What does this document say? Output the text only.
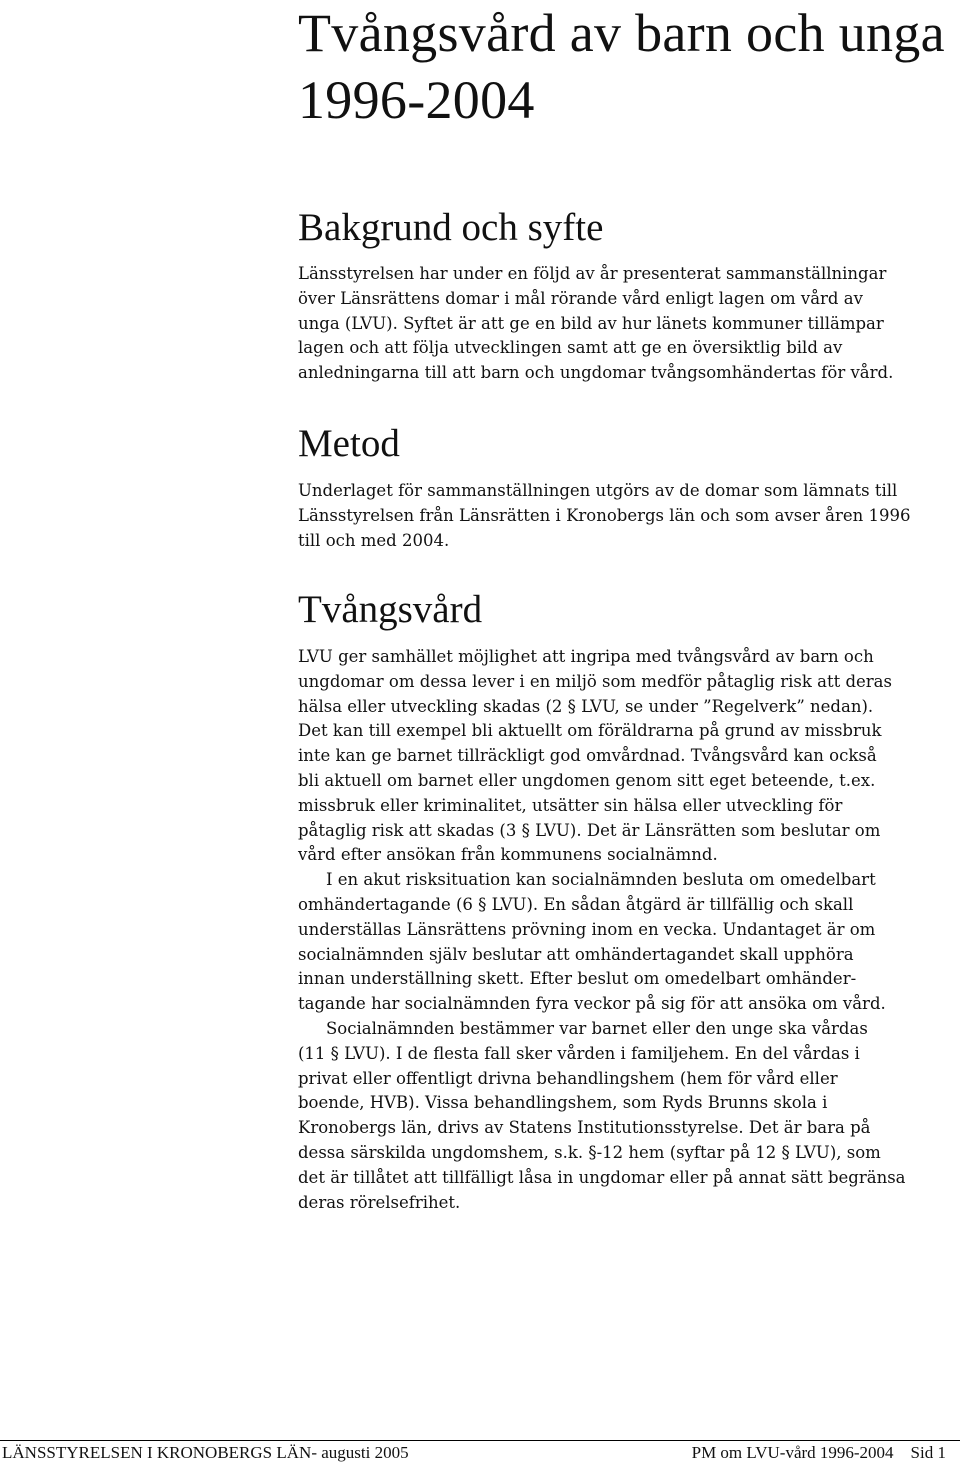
Tvångsvård av barn och unga 1996-2004
Bakgrund och syfte
Länsstyrelsen har under en följd av år presenterat sammanställningar
över Länsrättens domar i mål rörande vård enligt lagen om vård av
unga (LVU). Syftet är att ge en bild av hur länets kommuner tillämpar
lagen och att följa utvecklingen samt att ge en översiktlig bild av
anledningarna till att barn och ungdomar tvångsomhändertas för vård.
Metod
Underlaget för sammanställningen utgörs av de domar som lämnats till
Länsstyrelsen från Länsrätten i Kronobergs län och som avser åren 1996
till och med 2004.
Tvångsvård
LVU ger samhället möjlighet att ingripa med tvångsvård av barn och
ungdomar om dessa lever i en miljö som medför påtaglig risk att deras
hälsa eller utveckling skadas (2 § LVU, se under ”Regelverk” nedan).
Det kan till exempel bli aktuellt om föräldrarna på grund av missbruk
inte kan ge barnet tillräckligt god omvårdnad. Tvångsvård kan också
bli aktuell om barnet eller ungdomen genom sitt eget beteende, t.ex.
missbruk eller kriminalitet, utsätter sin hälsa eller utveckling för
påtaglig risk att skadas (3 § LVU). Det är Länsrätten som beslutar om
vård efter ansökan från kommunens socialnämnd.
I en akut risksituation kan socialnämnden besluta om omedelbart
omhändertagande (6 § LVU). En sådan åtgärd är tillfällig och skall
underställas Länsrättens prövning inom en vecka. Undantaget är om
socialnämnden själv beslutar att omhändertagandet skall upphöra
innan underställning skett. Efter beslut om omedelbart omhänder-
tagande har socialnämnden fyra veckor på sig för att ansöka om vård.
Socialnämnden bestämmer var barnet eller den unge ska vårdas
(11 § LVU). I de flesta fall sker vården i familjehem. En del vårdas i
privat eller offentligt drivna behandlingshem (hem för vård eller
boende, HVB). Vissa behandlingshem, som Ryds Brunns skola i
Kronobergs län, drivs av Statens Institutionsstyrelse. Det är bara på
dessa särskilda ungdomshem, s.k. §-12 hem (syftar på 12 § LVU), som
det är tillåtet att tillfälligt låsa in ungdomar eller på annat sätt begränsa
deras rörelsefrihet.
LÄNSSTYRELSEN I KRONOBERGS LÄN- augusti 2005	PM om LVU-vård 1996-2004    Sid 1
